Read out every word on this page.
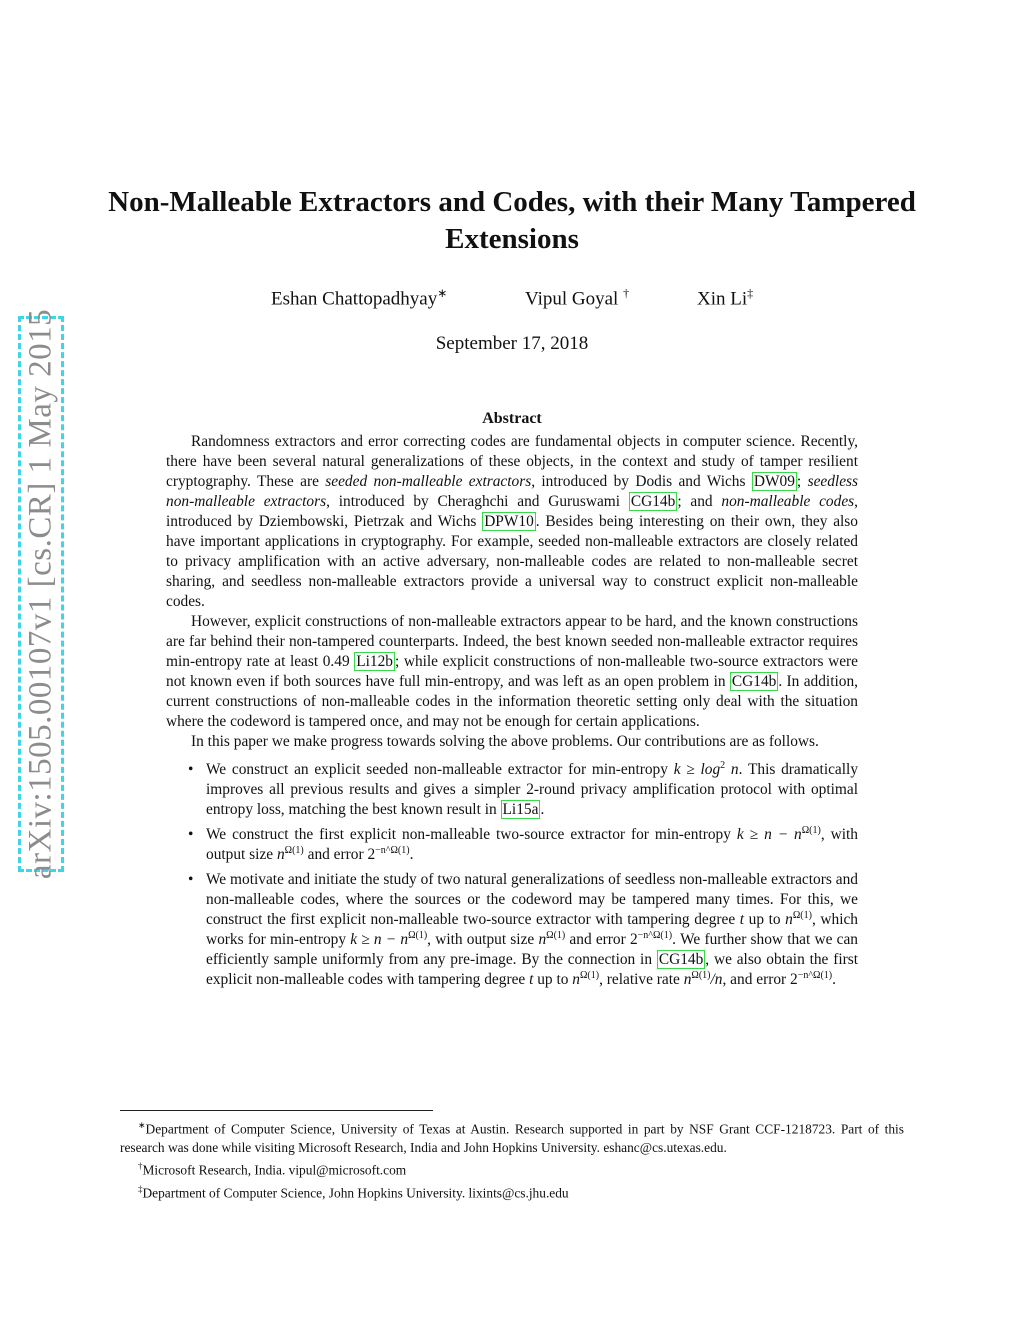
arXiv:1505.00107v1 [cs.CR] 1 May 2015
Non-Malleable Extractors and Codes, with their Many Tampered Extensions
Eshan Chattopadhyay∗	Vipul Goyal †	Xin Li‡
September 17, 2018
Abstract

Randomness extractors and error correcting codes are fundamental objects in computer science. Recently, there have been several natural generalizations of these objects, in the context and study of tamper resilient cryptography. These are seeded non-malleable extractors, introduced by Dodis and Wichs DW09 ; seedless non-malleable extractors, introduced by Cheraghchi and Guruswami CG14b ; and non-malleable codes, introduced by Dziembowski, Pietrzak and Wichs DPW10 . Besides being interesting on their own, they also have important applications in cryptography. For example, seeded non-malleable extractors are closely related to privacy amplification with an active adversary, non-malleable codes are related to non-malleable secret sharing, and seedless non-malleable extractors provide a universal way to construct explicit non-malleable codes.

However, explicit constructions of non-malleable extractors appear to be hard, and the known constructions are far behind their non-tampered counterparts. Indeed, the best known seeded non-malleable extractor requires min-entropy rate at least 0.49 Li12b ; while explicit constructions of non-malleable two-source extractors were not known even if both sources have full min-entropy, and was left as an open problem in CG14b . In addition, current constructions of non-malleable codes in the information theoretic setting only deal with the situation where the codeword is tampered once, and may not be enough for certain applications.

In this paper we make progress towards solving the above problems. Our contributions are as follows.

• We construct an explicit seeded non-malleable extractor for min-entropy $k \ge \log^2 n$. This dramatically improves all previous results and gives a simpler 2-round privacy amplification protocol with optimal entropy loss, matching the best known result in Li15a .
• We construct the first explicit non-malleable two-source extractor for min-entropy $k \ge n - n^{\Omega(1)}$, with output size $n^{\Omega(1)}$ and error $2^{-n\^{}\Omega(1)}$.
• We motivate and initiate the study of two natural generalizations of seedless non-malleable extractors and non-malleable codes, where the sources or the codeword may be tampered many times. For this, we construct the first explicit non-malleable two-source extractor with tampering degree t up to $n^{\Omega(1)}$, which works for min-entropy $k \ge n - n^{\Omega(1)}$, with output size $n^{\Omega(1)}$ and error $2^{-n\^{}\Omega(1)}$. We further show that we can efficiently sample uniformly from any pre-image. By the connection in CG14b , we also obtain the first explicit non-malleable codes with tampering degree t up to $n^{\Omega(1)}$, relative rate $n^{\Omega(1)}/n$, and error $2^{-n\^{}\Omega(1)}$.

∗Department of Computer Science, University of Texas at Austin. Research supported in part by NSF Grant CCF-1218723. Part of this research was done while visiting Microsoft Research, India and John Hopkins University. eshanc@cs.utexas.edu.

†Microsoft Research, India. vipul@microsoft.com

‡Department of Computer Science, John Hopkins University. lixints@cs.jhu.edu
